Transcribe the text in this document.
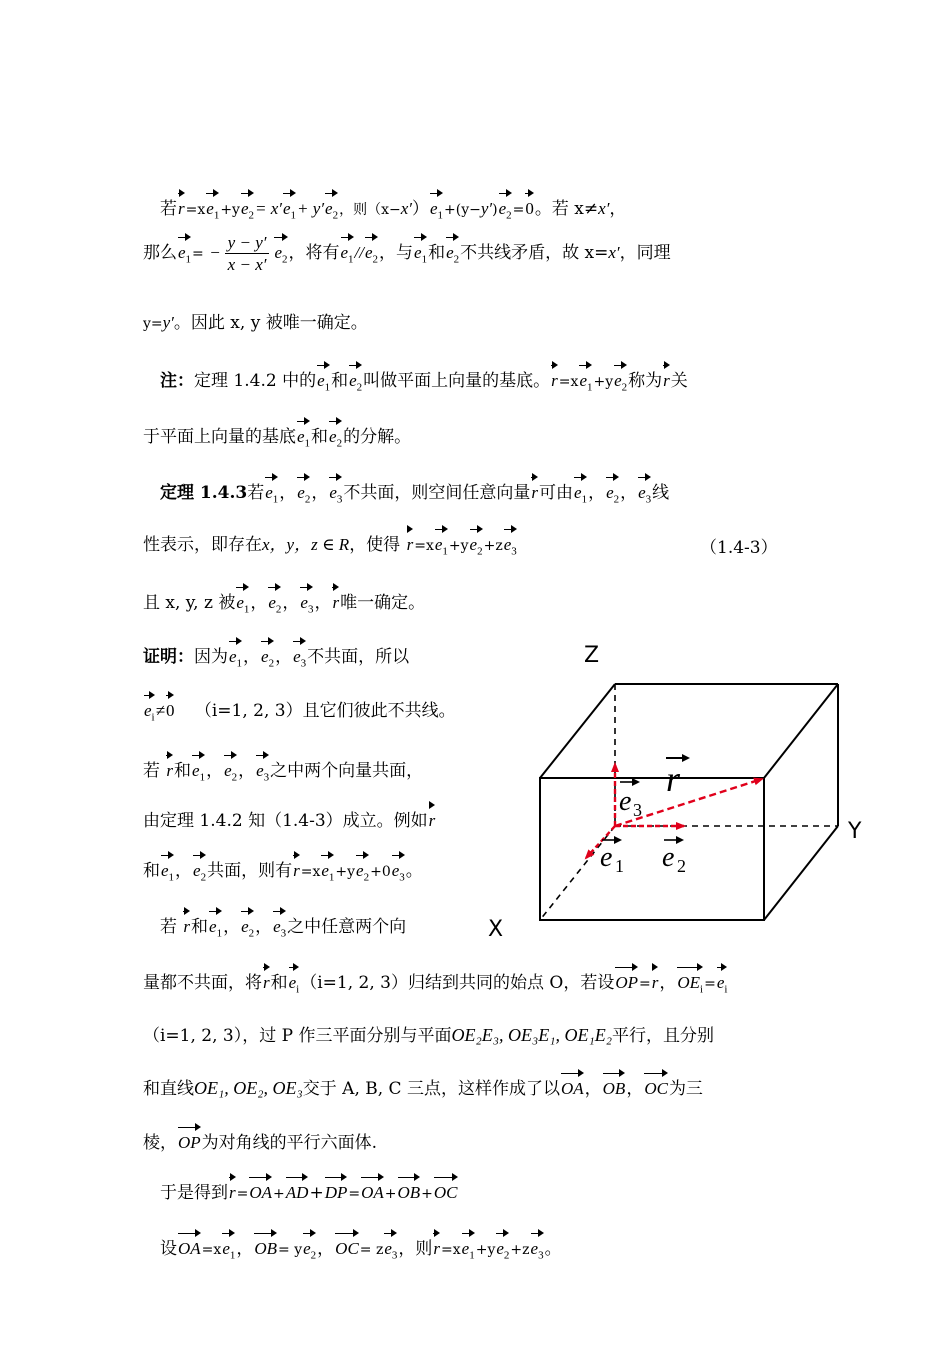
若$r=xe_1+ye_2= x'e_1+ y'e_2$，则$(x-x')e_1+(y-y')e_2=0$。若 x≠x′，
那么$e_1= - \frac{y - y'}{x - x'} e_2$，将有$e_1//e_2$，与$e_1$和$e_2$不共线矛盾，故 x=x′，同理
y=y′。因此 x, y 被唯一确定。
注：定理 1.4.2 中的$e_1$和$e_2$叫做平面上向量的基底。$r=xe_1+ye_2$称为r关
于平面上向量的基底$e_1$和$e_2$的分解。
定理 1.4.3若$e_1$，$e_2$，$e_3$不共面，则空间任意向量r可由$e_1$，$e_2$，$e_3$线
性表示，即存在x，y，z ∈ R，使得 $r=xe_1+ye_2+ze_3$	（1.4-3）
且 x, y, z 被$e_1$，$e_2$，$e_3$，r唯一确定。
证明：因为$e_1$，$e_2$，$e_3$不共面，所以
$e_i\ne 0$ （i=1, 2, 3）且它们彼此不共线。
若 r和$e_1$，$e_2$，$e_3$之中两个向量共面，
由定理 1.4.2 知（1.4-3）成立。例如r
和$e_1$，$e_2$共面，则有$r=xe_1+ye_2+0e_3$。
若 r和$e_1$，$e_2$，$e_3$之中任意两个向
量都不共面，将r和$e_i(i=1$, 2, 3）归结到共同的始点 O，若设OP=r，$OE_i=e_i$
（i=1, 2, 3），过 P 作三平面分别与平面OE₂E₃, OE₃E₁, OE₁E₂平行，且分别
和直线OE₁, OE₂, OE₃交于 A, B, C 三点，这样作成了以OA，OB，OC为三
棱，OP为对角线的平行六面体.
于是得到r=OA+AD+DP=OA+OB+OC
设$OA=xe_1$，$OB= ye_2$，$OC= ze_3$，则$r=xe_1+ye_2+ze_3$。
Z
Y
X
r
e 3
e 1 e 2
